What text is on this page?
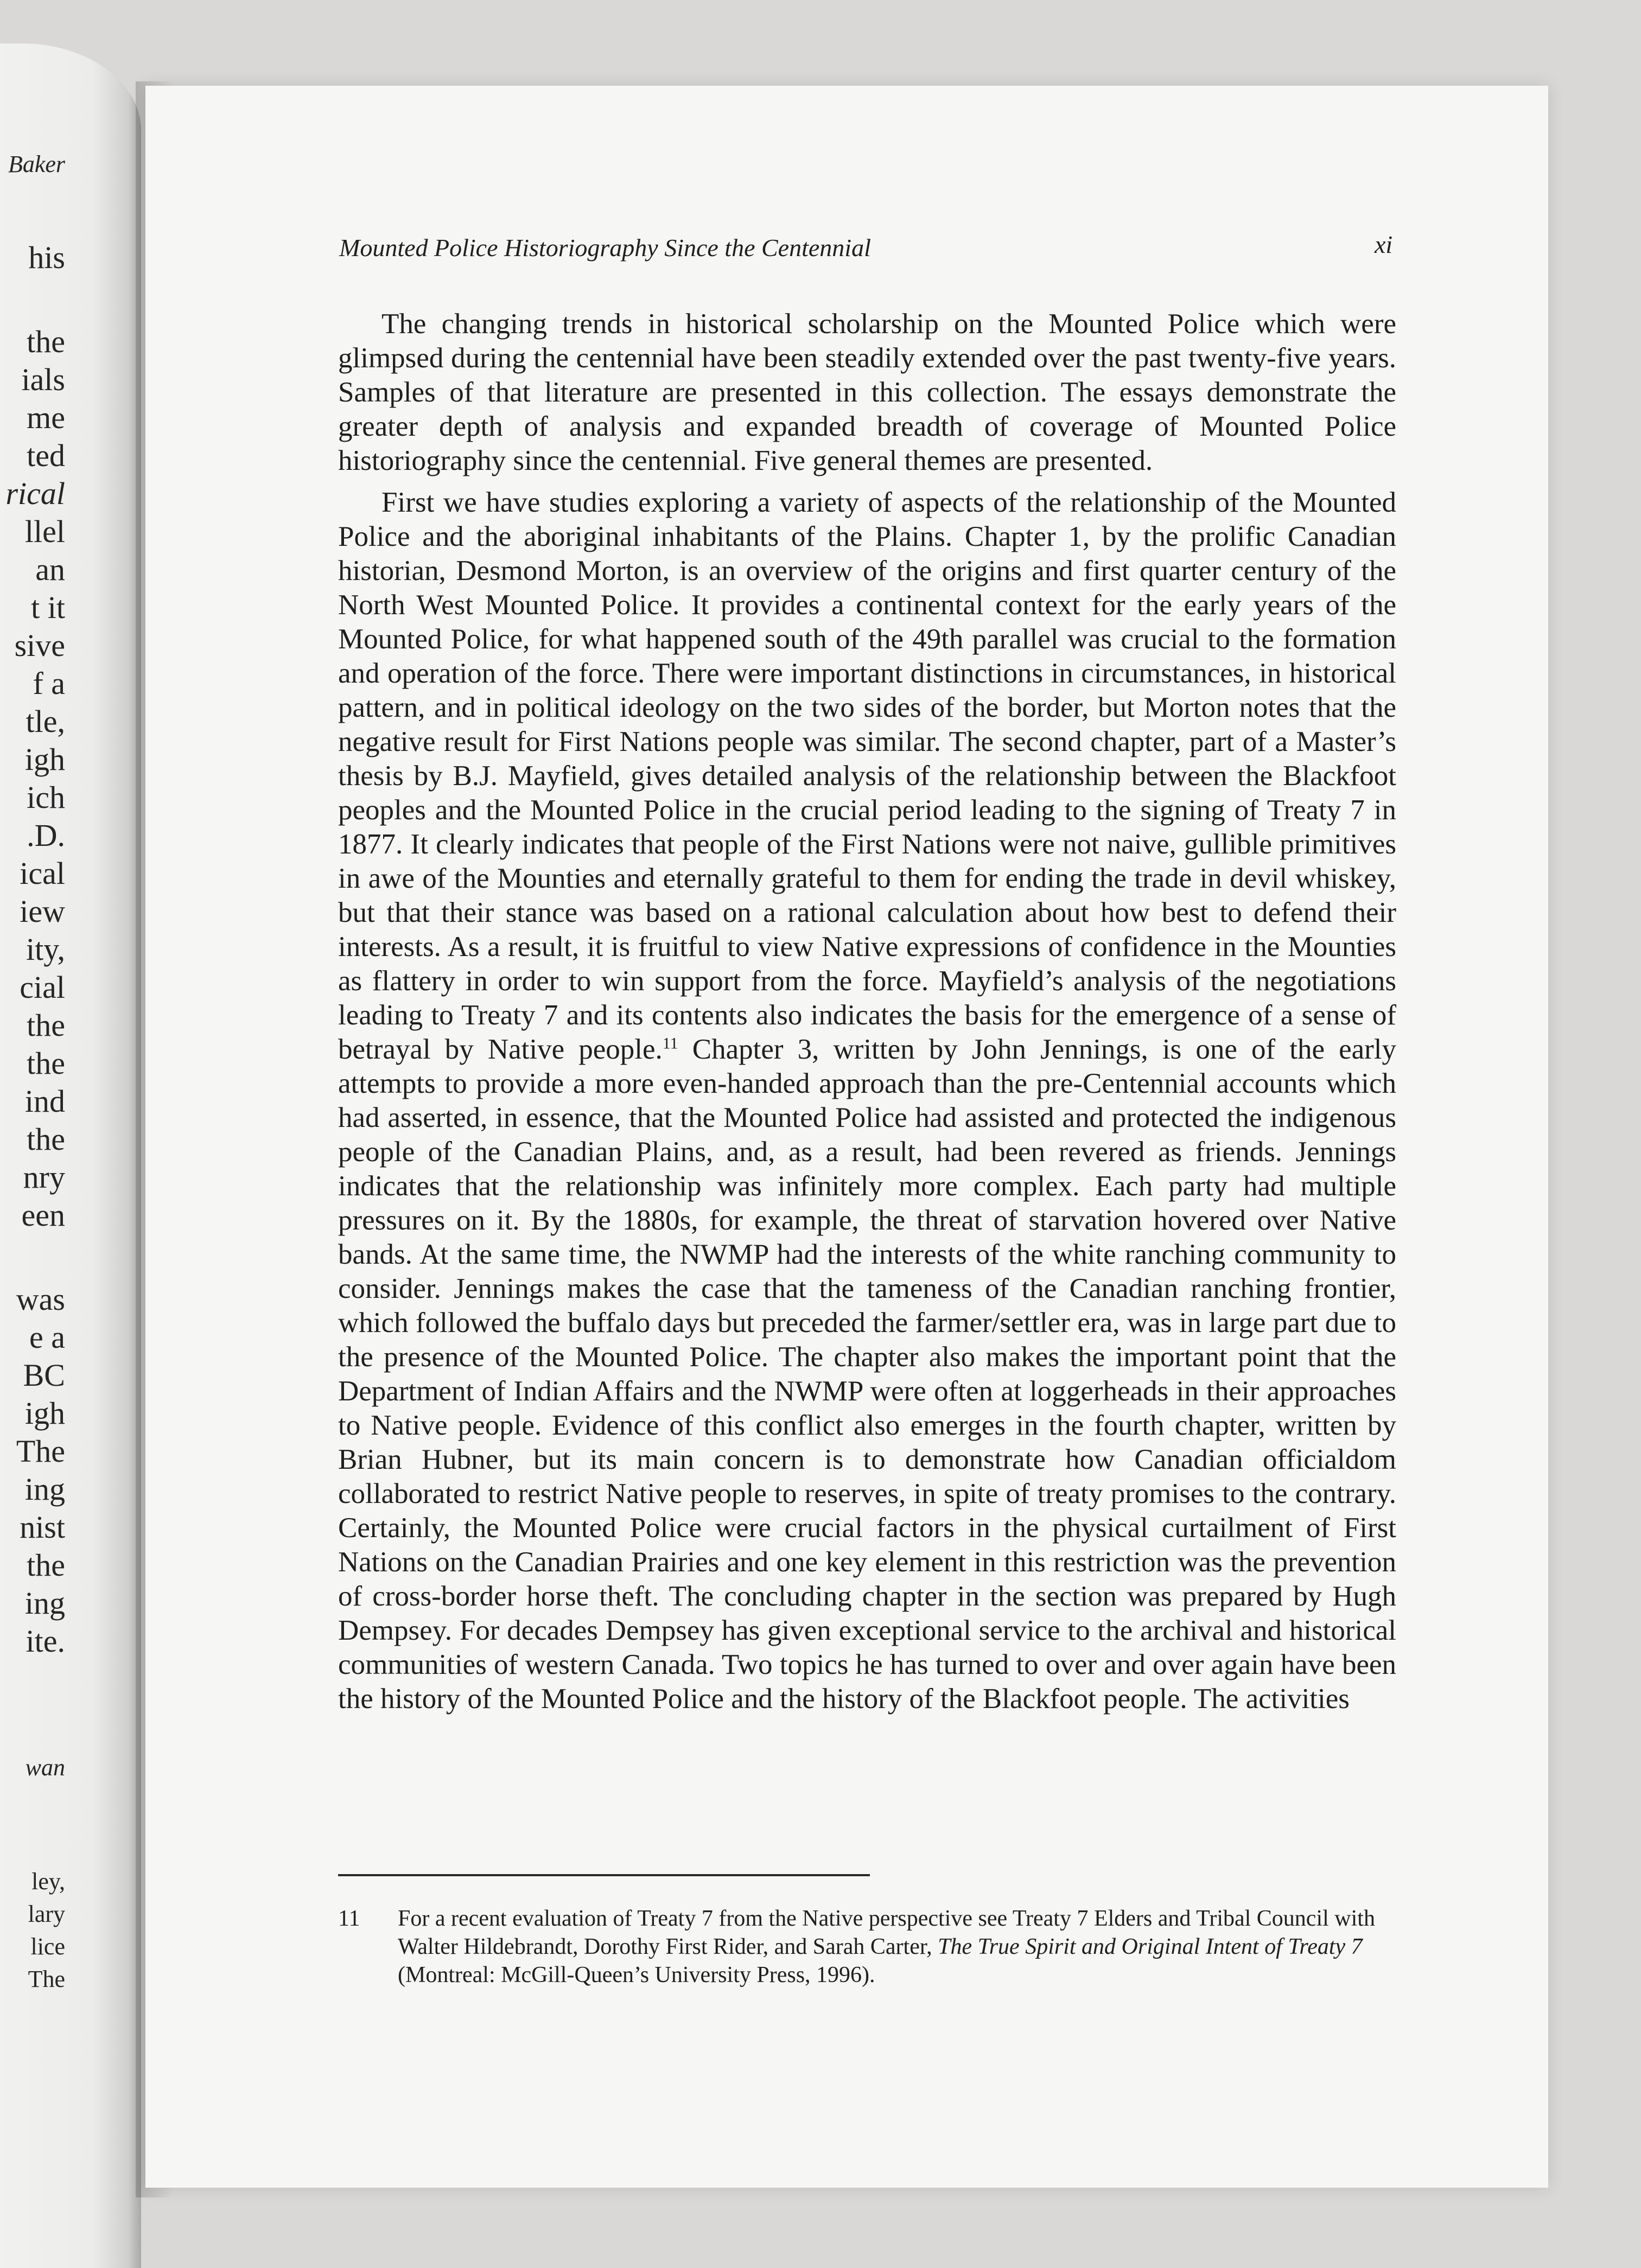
Baker
his
the
ials
me
ted
rical
llel
an
t it
sive
f a
tle,
igh
ich
.D.
ical
iew
ity,
cial
the
the
ind
the
nry
een
was
e a
BC
igh
The
ing
nist
the
ing
ite.
wan
ley,
lary
lice
The
Mounted Police Historiography Since the Centennial	xi

The changing trends in historical scholarship on the Mounted Police which were glimpsed during the centennial have been steadily extended over the past twenty-five years. Samples of that literature are presented in this collection. The essays demonstrate the greater depth of analysis and expanded breadth of coverage of Mounted Police historiography since the centennial. Five general themes are presented.

First we have studies exploring a variety of aspects of the relationship of the Mounted Police and the aboriginal inhabitants of the Plains. Chapter 1, by the prolific Canadian historian, Desmond Morton, is an overview of the origins and first quarter century of the North West Mounted Police. It provides a continental context for the early years of the Mounted Police, for what happened south of the 49th parallel was crucial to the formation and operation of the force. There were important distinctions in circumstances, in historical pattern, and in political ideology on the two sides of the border, but Morton notes that the negative result for First Nations people was similar. The second chapter, part of a Master’s thesis by B.J. Mayfield, gives detailed analysis of the relationship between the Blackfoot peoples and the Mounted Police in the crucial period leading to the signing of Treaty 7 in 1877. It clearly indicates that people of the First Nations were not naive, gullible primitives in awe of the Mounties and eternally grateful to them for ending the trade in devil whiskey, but that their stance was based on a rational calculation about how best to defend their interests. As a result, it is fruitful to view Native expressions of confidence in the Mounties as flattery in order to win support from the force. Mayfield’s analysis of the negotiations leading to Treaty 7 and its contents also indicates the basis for the emergence of a sense of betrayal by Native people.$^{11}$ Chapter 3, written by John Jennings, is one of the early attempts to provide a more even-handed approach than the pre-Centennial accounts which had asserted, in essence, that the Mounted Police had assisted and protected the indigenous people of the Canadian Plains, and, as a result, had been revered as friends. Jennings indicates that the relationship was infinitely more complex. Each party had multiple pressures on it. By the 1880s, for example, the threat of starvation hovered over Native bands. At the same time, the NWMP had the interests of the white ranching community to consider. Jennings makes the case that the tameness of the Canadian ranching frontier, which followed the buffalo days but preceded the farmer/settler era, was in large part due to the presence of the Mounted Police. The chapter also makes the important point that the Department of Indian Affairs and the NWMP were often at loggerheads in their approaches to Native people. Evidence of this conflict also emerges in the fourth chapter, written by Brian Hubner, but its main concern is to demonstrate how Canadian officialdom collaborated to restrict Native people to reserves, in spite of treaty promises to the contrary. Certainly, the Mounted Police were crucial factors in the physical curtailment of First Nations on the Canadian Prairies and one key element in this restriction was the prevention of cross-border horse theft. The concluding chapter in the section was prepared by Hugh Dempsey. For decades Dempsey has given exceptional service to the archival and historical communities of western Canada. Two topics he has turned to over and over again have been the history of the Mounted Police and the history of the Blackfoot people. The activities

11 For a recent evaluation of Treaty 7 from the Native perspective see Treaty 7 Elders and Tribal Council with Walter Hildebrandt, Dorothy First Rider, and Sarah Carter, The True Spirit and Original Intent of Treaty 7 (Montreal: McGill-Queen’s University Press, 1996).
